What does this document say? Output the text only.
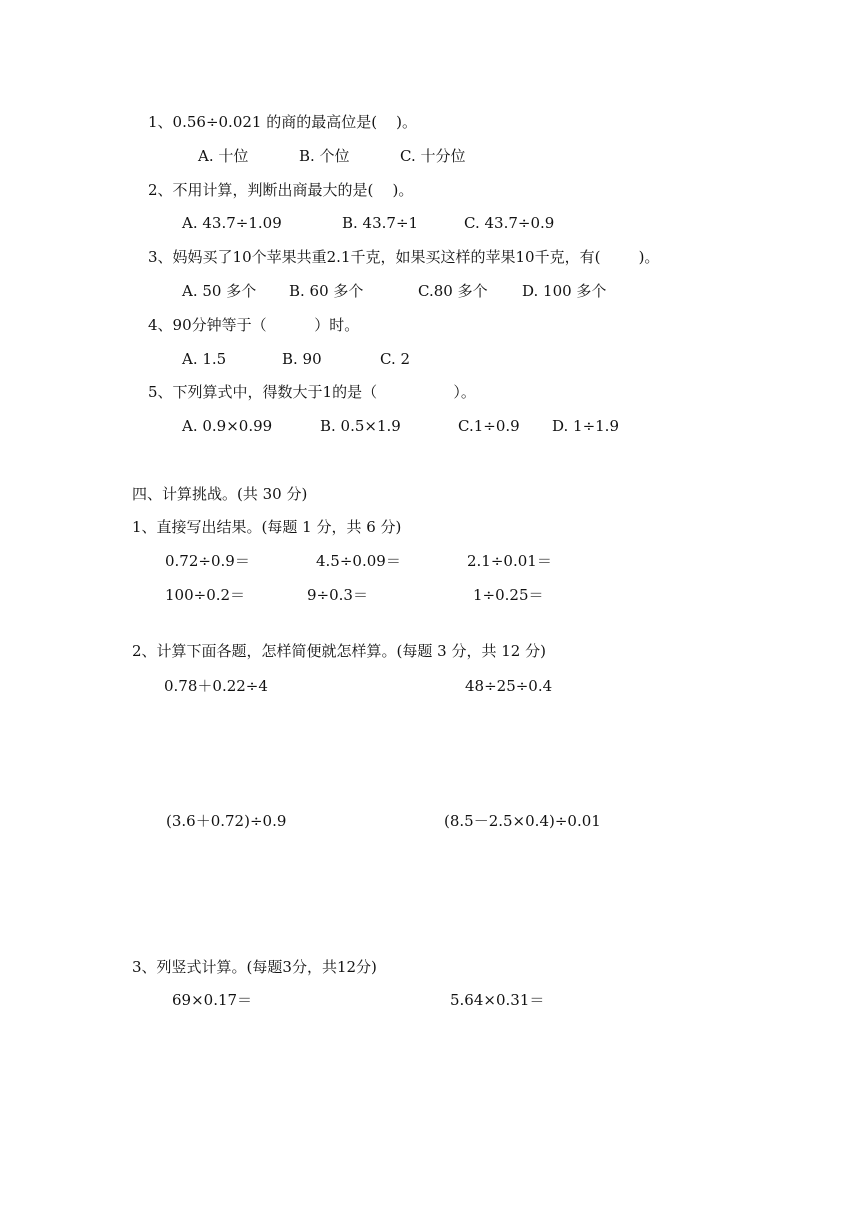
1、0.56÷0.021 的商的最高位是(    )。
A. 十位	B. 个位	C. 十分位
2、不用计算，判断出商最大的是(    )。
A. 43.7÷1.09	B. 43.7÷1	C. 43.7÷0.9
3、妈妈买了10个苹果共重2.1千克，如果买这样的苹果10千克，有(        )。
A. 50 多个 B. 60 多个	C.80 多个 D. 100 多个
4、90分钟等于（          ）时。
A. 1.5	B. 90	C. 2
5、下列算式中，得数大于1的是（                ）。
A. 0.9×0.99	B. 0.5×1.9	C.1÷0.9 D. 1÷1.9
四、计算挑战。(共 30 分)
1、直接写出结果。(每题 1 分，共 6 分)
0.72÷0.9＝	4.5÷0.09＝	2.1÷0.01＝
100÷0.2＝	9÷0.3＝	1÷0.25＝
2、计算下面各题，怎样简便就怎样算。(每题 3 分，共 12 分)
0.78＋0.22÷4	48÷25÷0.4
(3.6＋0.72)÷0.9	(8.5－2.5×0.4)÷0.01
3、列竖式计算。(每题3分，共12分)
69×0.17＝	5.64×0.31＝
